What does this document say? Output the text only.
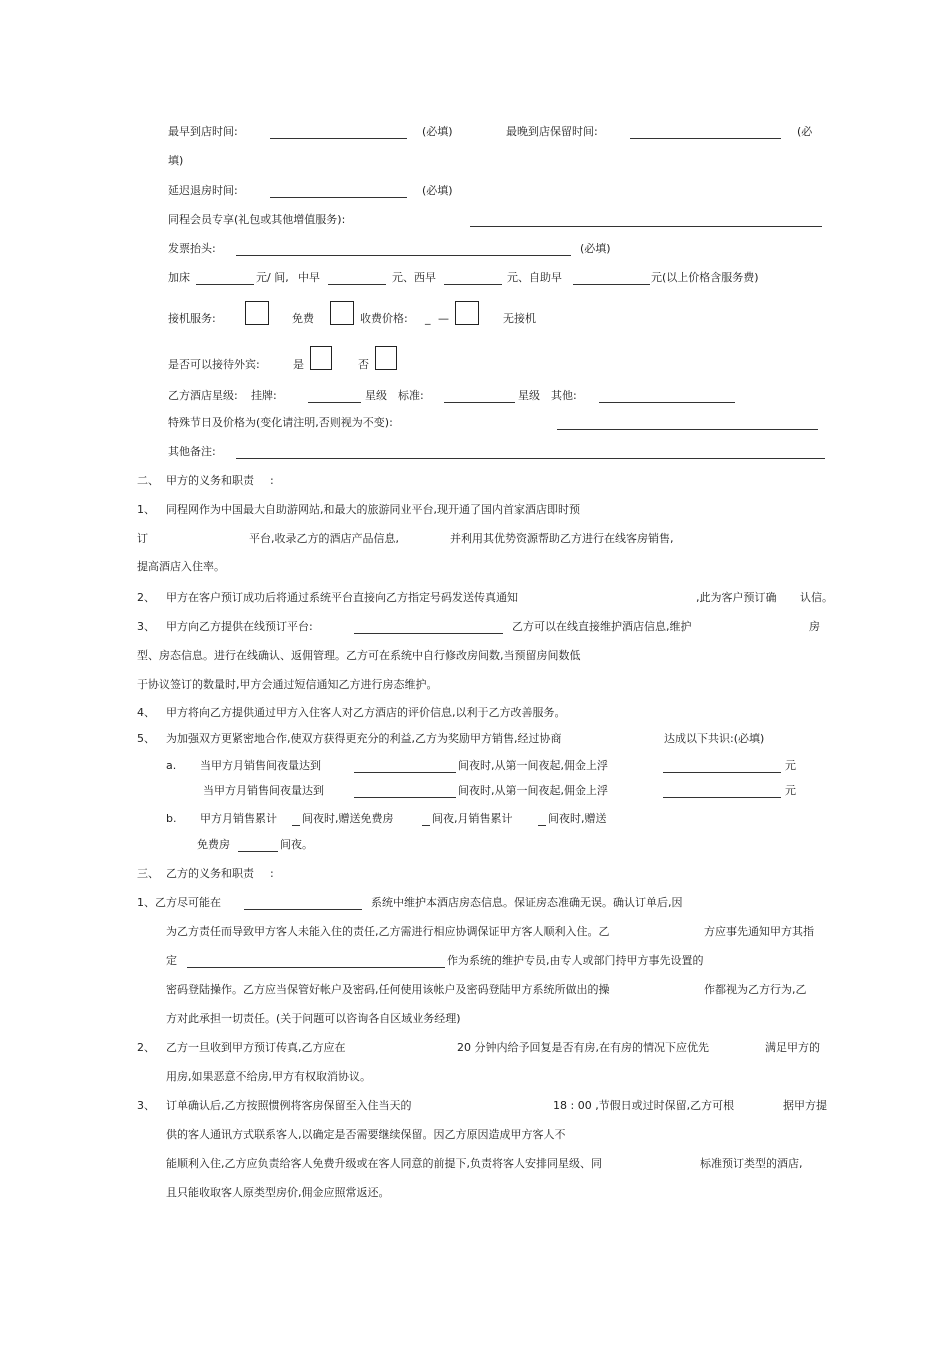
最早到店时间:	(必填)	最晚到店保留时间:	(必
填)
延迟退房时间:	(必填)
同程会员专享(礼包或其他增值服务):
发票抬头:	(必填)
加床	元/ 间, 中早	元、西早	元、自助早	元(以上价格含服务费)
接机服务:	免费	收费价格: _ —	无接机
是否可以接待外宾:	是	否
乙方酒店星级: 挂牌:	星级 标准:	星级 其他:
特殊节日及价格为(变化请注明,否则视为不变):
其他备注:
二、 甲方的义务和职责 :
1、 同程网作为中国最大自助游网站,和最大的旅游同业平台,现开通了国内首家酒店即时预
订	平台,收录乙方的酒店产品信息,	并利用其优势资源帮助乙方进行在线客房销售,
提高酒店入住率。
2、 甲方在客户预订成功后将通过系统平台直接向乙方指定号码发送传真通知	,此为客户预订确 认信。
3、 甲方向乙方提供在线预订平台:	乙方可以在线直接维护酒店信息,维护	房
型、房态信息。进行在线确认、返佣管理。乙方可在系统中自行修改房间数,当预留房间数低
于协议签订的数量时,甲方会通过短信通知乙方进行房态维护。
4、 甲方将向乙方提供通过甲方入住客人对乙方酒店的评价信息,以利于乙方改善服务。
5、 为加强双方更紧密地合作,使双方获得更充分的利益,乙方为奖励甲方销售,经过协商	达成以下共识:(必填)
a. 当甲方月销售间夜量达到	间夜时,从第一间夜起,佣金上浮	元
当甲方月销售间夜量达到	间夜时,从第一间夜起,佣金上浮	元
b. 甲方月销售累计 间夜时,赠送免费房	间夜,月销售累计	间夜时,赠送
免费房	间夜。
三、 乙方的义务和职责 :
1、乙方尽可能在	系统中维护本酒店房态信息。保证房态准确无误。确认订单后,因
为乙方责任而导致甲方客人未能入住的责任,乙方需进行相应协调保证甲方客人顺利入住。乙	方应事先通知甲方其指
定	作为系统的维护专员,由专人或部门持甲方事先设置的
密码登陆操作。乙方应当保管好帐户及密码,任何使用该帐户及密码登陆甲方系统所做出的操	作都视为乙方行为,乙
方对此承担一切责任。(关于问题可以咨询各自区域业务经理)
2、 乙方一旦收到甲方预订传真,乙方应在	20 分钟内给予回复是否有房,在有房的情况下应优先	满足甲方的
用房,如果恶意不给房,甲方有权取消协议。
3、 订单确认后,乙方按照惯例将客房保留至入住当天的	18 : 00 ,节假日或过时保留,乙方可根	据甲方提
供的客人通讯方式联系客人,以确定是否需要继续保留。因乙方原因造成甲方客人不
能顺利入住,乙方应负责给客人免费升级或在客人同意的前提下,负责将客人安排同星级、同	标准预订类型的酒店,
且只能收取客人原类型房价,佣金应照常返还。
